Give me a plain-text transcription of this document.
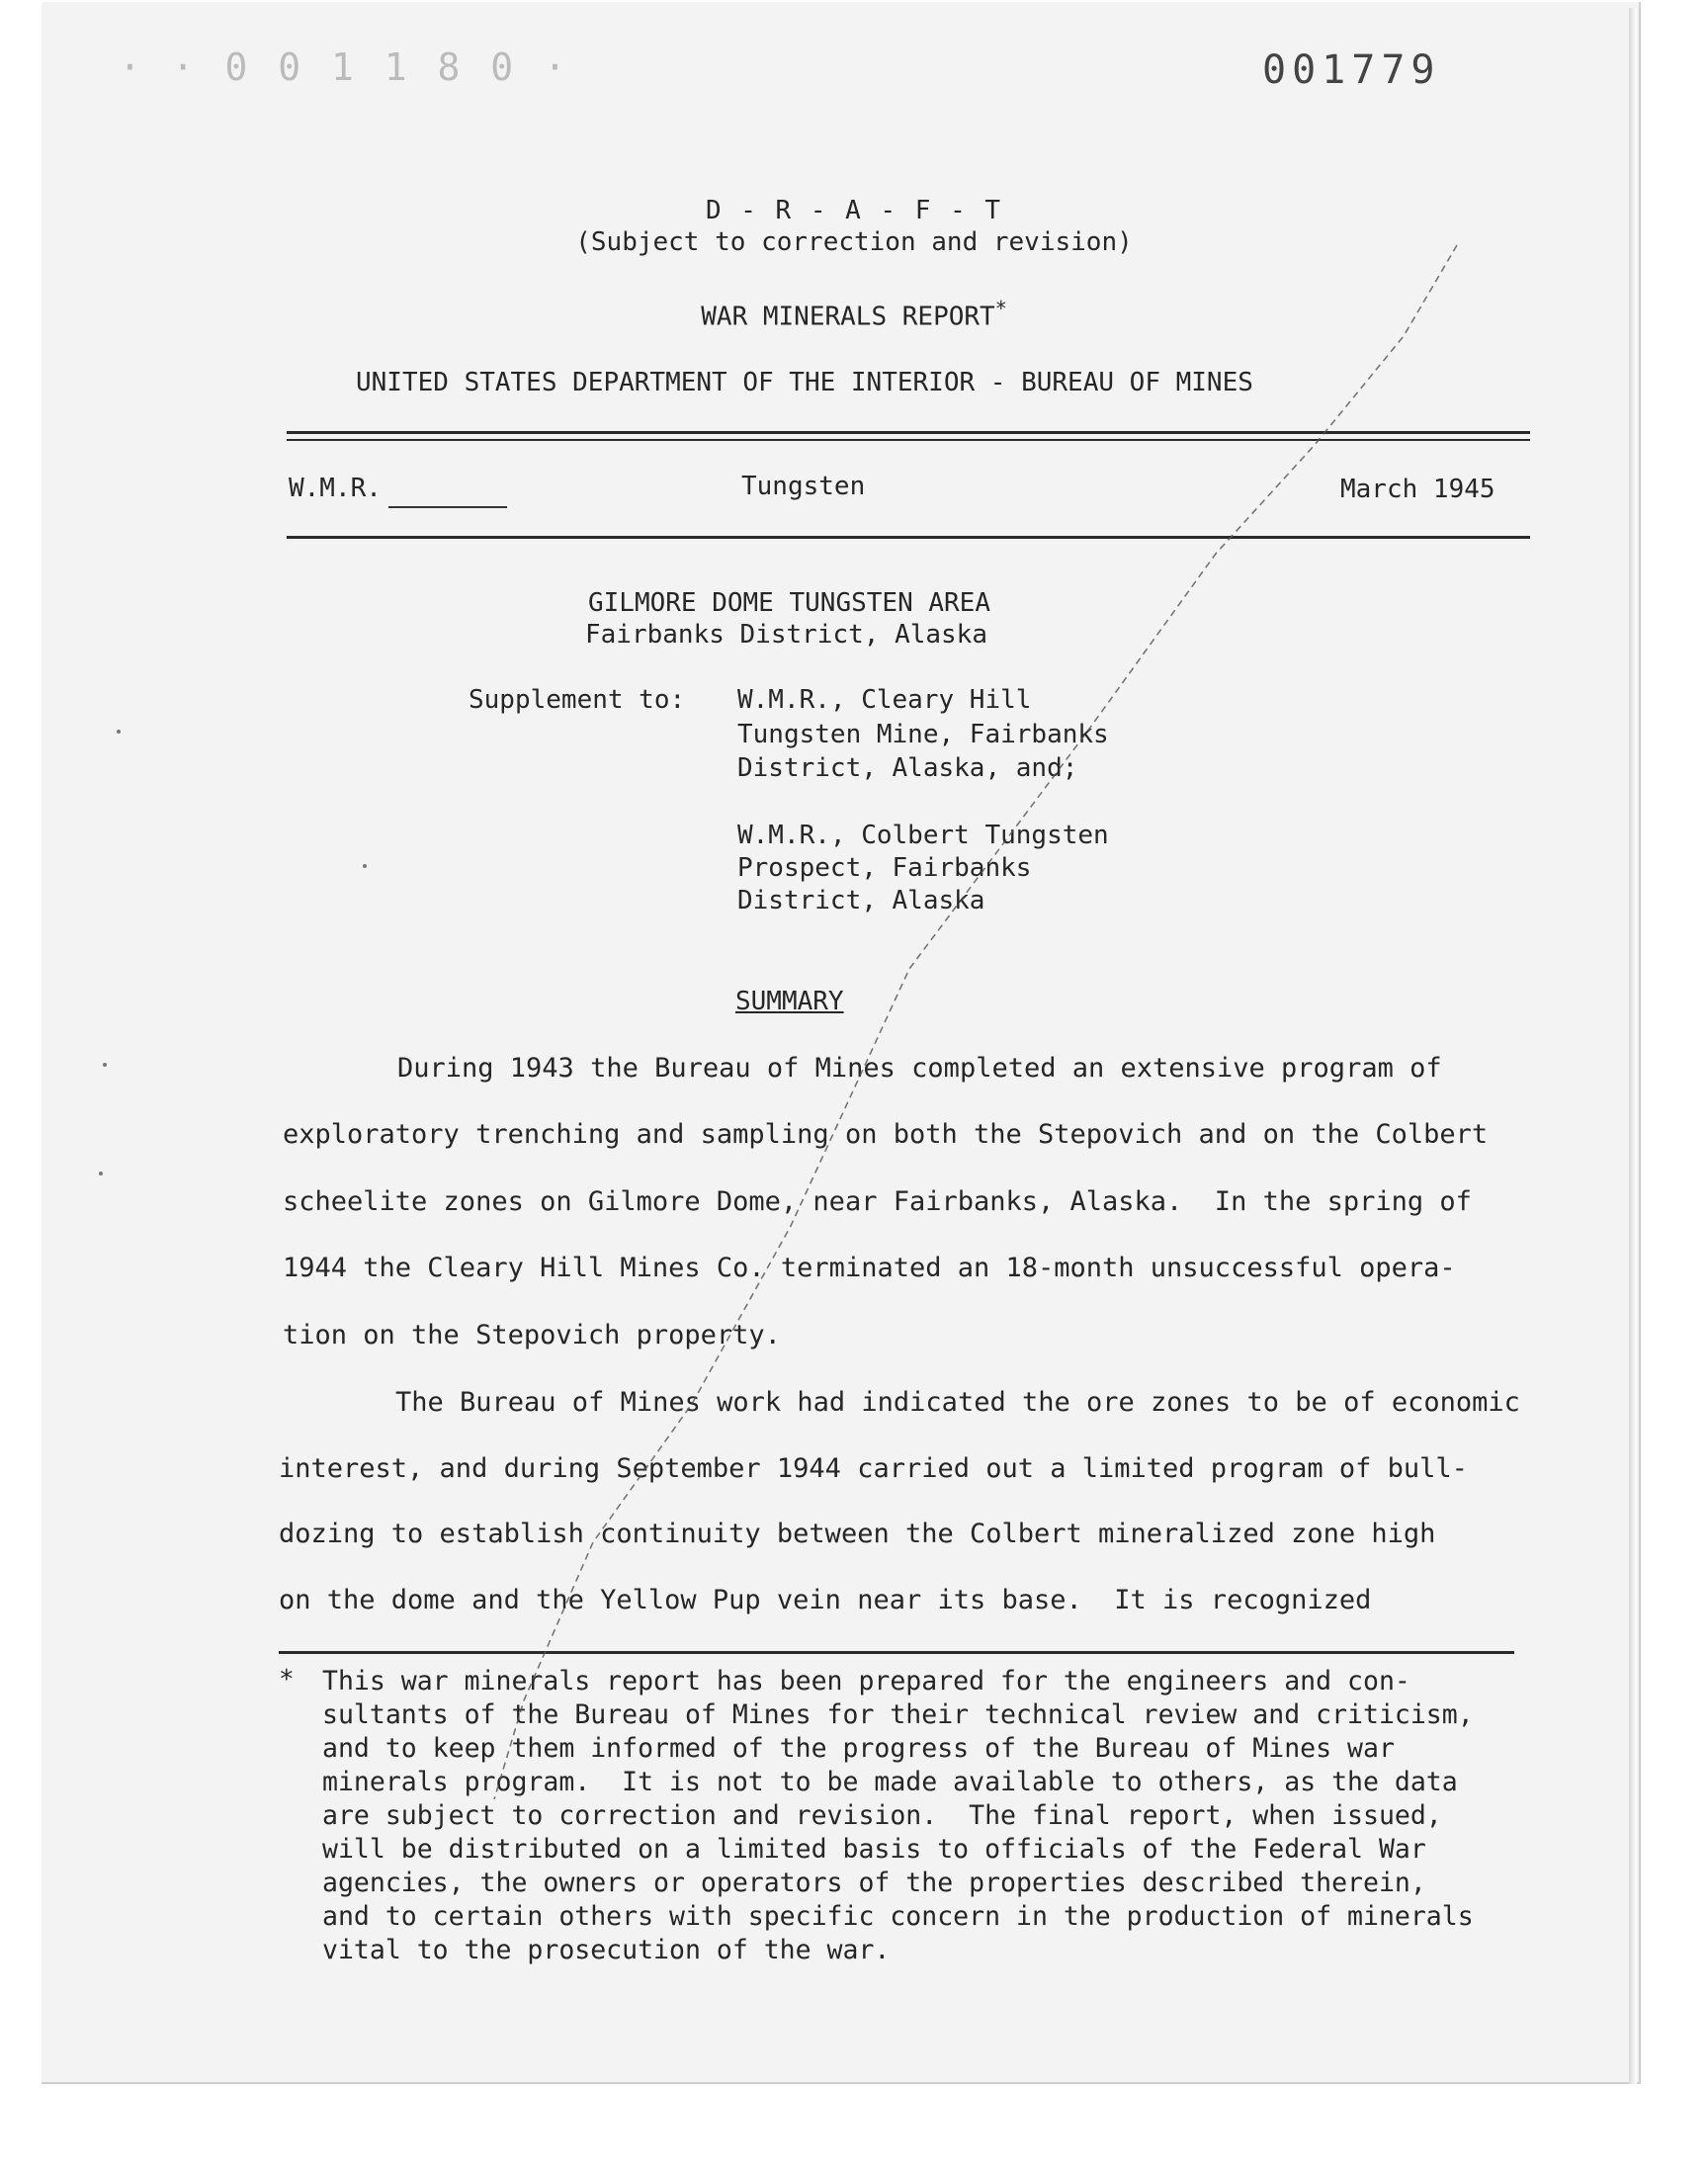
· · 0 0 1 1 8 0 ·	001779
D - R - A - F - T
(Subject to correction and revision)
WAR MINERALS REPORT*
UNITED STATES DEPARTMENT OF THE INTERIOR - BUREAU OF MINES
W.M.R.	Tungsten	March 1945
GILMORE DOME TUNGSTEN AREA
Fairbanks District, Alaska
Supplement to: W.M.R., Cleary Hill
Tungsten Mine, Fairbanks
District, Alaska, and;
W.M.R., Colbert Tungsten
Prospect, Fairbanks
District, Alaska
SUMMARY
During 1943 the Bureau of Mines completed an extensive program of
exploratory trenching and sampling on both the Stepovich and on the Colbert
scheelite zones on Gilmore Dome, near Fairbanks, Alaska.  In the spring of
1944 the Cleary Hill Mines Co. terminated an 18-month unsuccessful opera-
tion on the Stepovich property.
The Bureau of Mines work had indicated the ore zones to be of economic
interest, and during September 1944 carried out a limited program of bull-
dozing to establish continuity between the Colbert mineralized zone high
on the dome and the Yellow Pup vein near its base.  It is recognized
* This war minerals report has been prepared for the engineers and con-
sultants of the Bureau of Mines for their technical review and criticism,
and to keep them informed of the progress of the Bureau of Mines war
minerals program.  It is not to be made available to others, as the data
are subject to correction and revision.  The final report, when issued,
will be distributed on a limited basis to officials of the Federal War
agencies, the owners or operators of the properties described therein,
and to certain others with specific concern in the production of minerals
vital to the prosecution of the war.
